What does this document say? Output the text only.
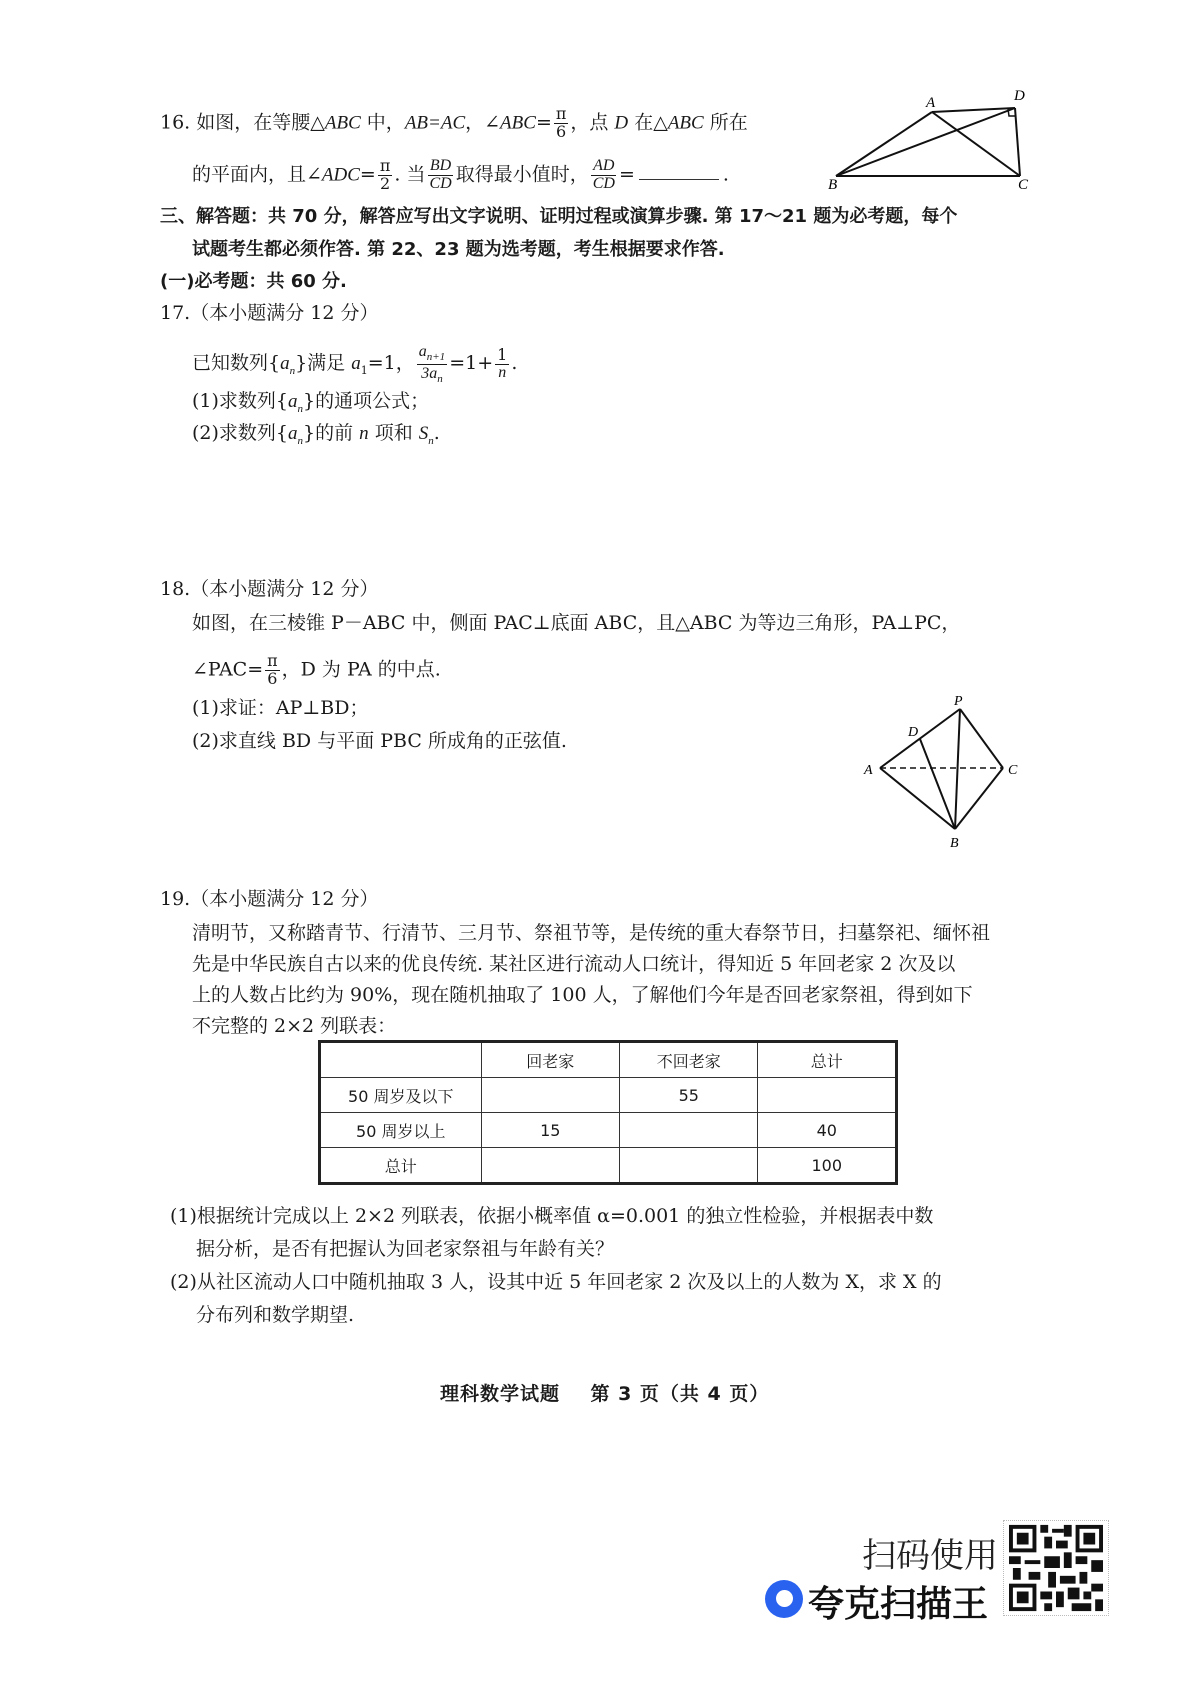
16. 如图，在等腰△ABC 中，AB=AC，∠ABC= $\frac{\pi}{6}$ ，点 D 在△ABC 所在
的平面内，且∠ADC= $\frac{\pi}{2}$ . 当 $\frac{BD}{CD}$ 取得最小值时， $\frac{AD}{CD}$ =	.
A
B	C
D
三、解答题：共 70 分，解答应写出文字说明、证明过程或演算步骤. 第 17～21 题为必考题，每个
试题考生都必须作答. 第 22、23 题为选考题，考生根据要求作答.
(一)必考题：共 60 分.
17.（本小题满分 12 分）
已知数列$\{a_n\}$满足 $a_1=1$， $\frac{a_{n+1}}{3a_n} =1+ \frac{1}{n}$ .
(1)求数列$\{a_n\}$的通项公式；
(2)求数列$\{a_n\}$的前 n 项和 $S_n$.
18.（本小题满分 12 分）
如图，在三棱锥 P－ABC 中，侧面 PAC⊥底面 ABC，且△ABC 为等边三角形，PA⊥PC，
∠PAC= $\frac{\pi}{6}$ ，D 为 PA 的中点.
(1)求证：AP⊥BD；
(2)求直线 BD 与平面 PBC 所成角的正弦值.
P
D
A	C
B
19.（本小题满分 12 分）
清明节，又称踏青节、行清节、三月节、祭祖节等，是传统的重大春祭节日，扫墓祭祀、缅怀祖
先是中华民族自古以来的优良传统. 某社区进行流动人口统计，得知近 5 年回老家 2 次及以
上的人数占比约为 90%，现在随机抽取了 100 人，了解他们今年是否回老家祭祖，得到如下
不完整的 2×2 列联表：
	回老家	不回老家	总计
50 周岁及以下		55	
50 周岁以上	15		40
总计			100
(1)根据统计完成以上 2×2 列联表，依据小概率值 α=0.001 的独立性检验，并根据表中数
据分析，是否有把握认为回老家祭祖与年龄有关？
(2)从社区流动人口中随机抽取 3 人，设其中近 5 年回老家 2 次及以上的人数为 X，求 X 的
分布列和数学期望.
理科数学试题    第 3 页（共 4 页）
扫码使用
夸克扫描王
